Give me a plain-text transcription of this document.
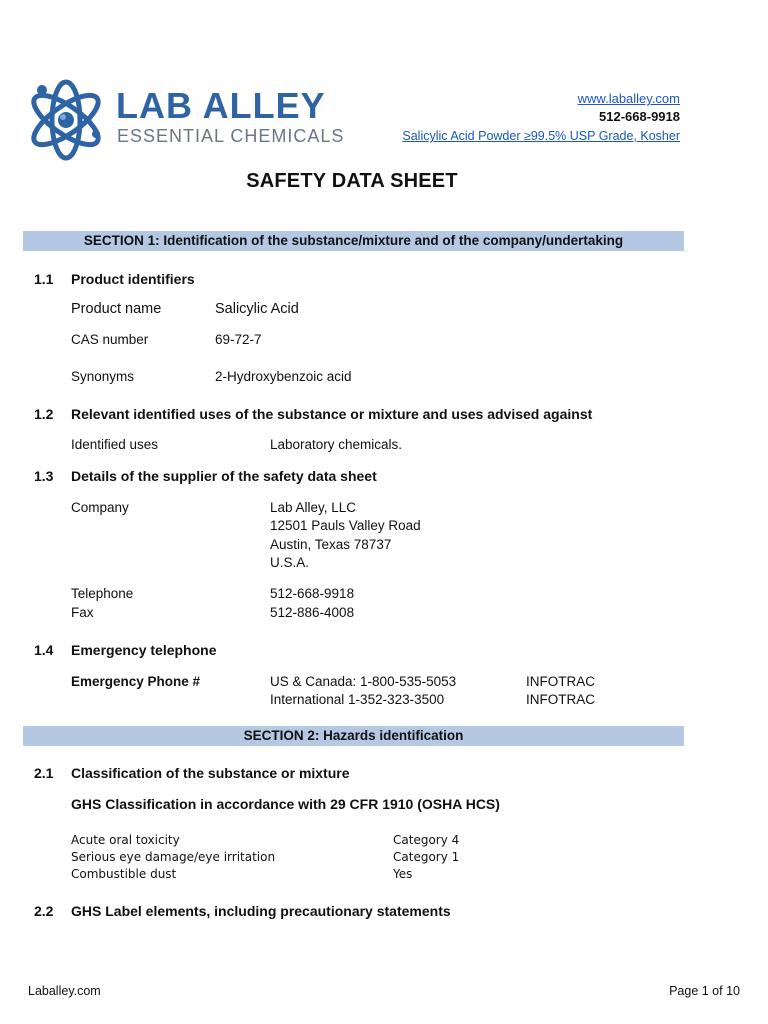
LAB ALLEY
ESSENTIAL CHEMICALS
www.laballey.com
512-668-9918
Salicylic Acid Powder ≥99.5% USP Grade, Kosher
SAFETY DATA SHEET
SECTION 1: Identification of the substance/mixture and of the company/undertaking
1.1 Product identifiers
Product name	Salicylic Acid
CAS number	69-72-7
Synonyms	2-Hydroxybenzoic acid
1.2 Relevant identified uses of the substance or mixture and uses advised against
Identified uses	Laboratory chemicals.
1.3 Details of the supplier of the safety data sheet
Company	Lab Alley, LLC
12501 Pauls Valley Road
Austin, Texas 78737
U.S.A.
Telephone	512-668-9918
Fax	512-886-4008
1.4 Emergency telephone
Emergency Phone #	US & Canada: 1-800-535-5053	INFOTRAC
International 1-352-323-3500	INFOTRAC
SECTION 2: Hazards identification
2.1 Classification of the substance or mixture
GHS Classification in accordance with 29 CFR 1910 (OSHA HCS)
Acute oral toxicity	Category 4
Serious eye damage/eye irritation	Category 1
Combustible dust	Yes
2.2 GHS Label elements, including precautionary statements
Laballey.com	Page 1 of 10
